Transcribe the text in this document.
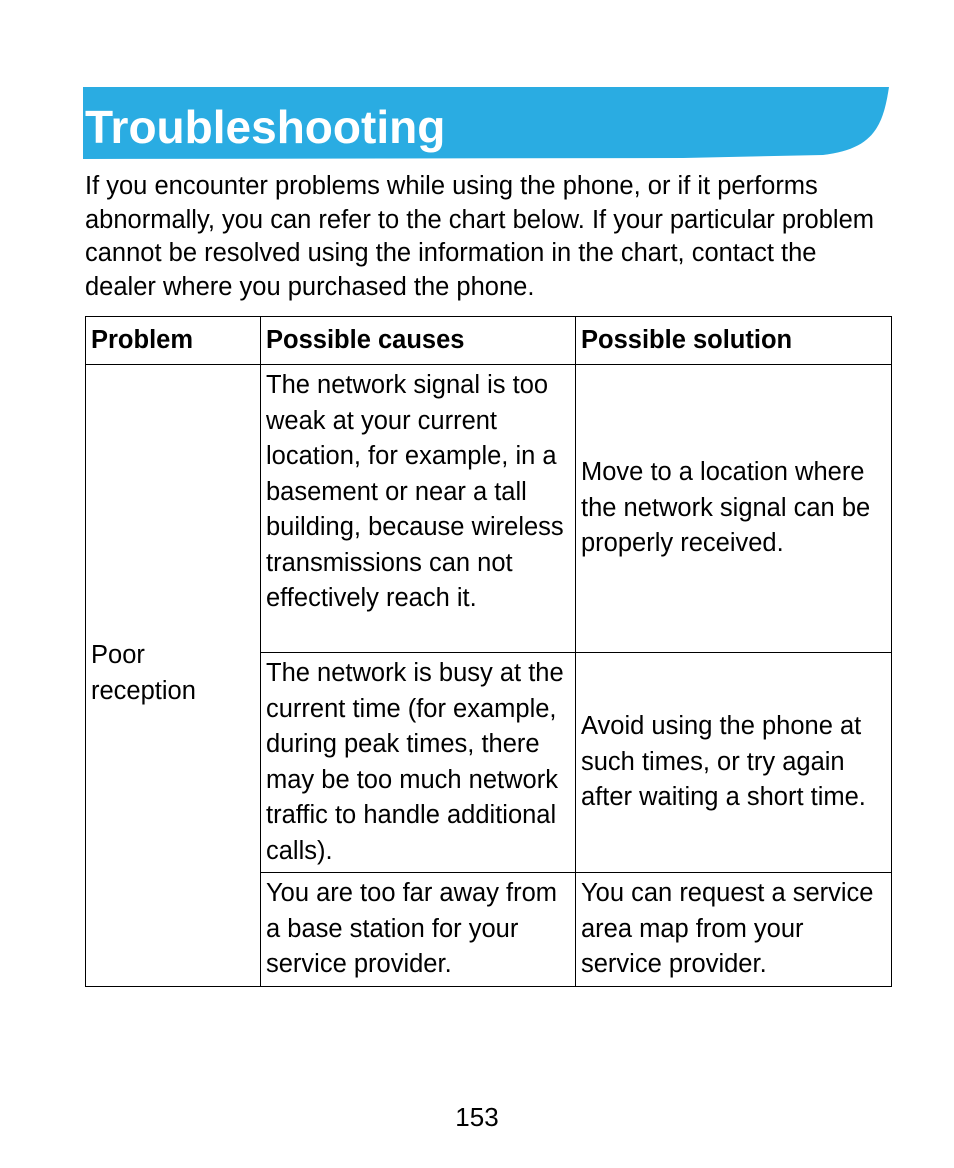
Troubleshooting

If you encounter problems while using the phone, or if it performs abnormally, you can refer to the chart below. If your particular problem cannot be resolved using the information in the chart, contact the dealer where you purchased the phone.

Problem	Possible causes	Possible solution
Poor reception	The network signal is too weak at your current location, for example, in a basement or near a tall building, because wireless transmissions can not effectively reach it.	Move to a location where the network signal can be properly received.
	The network is busy at the current time (for example, during peak times, there may be too much network traffic to handle additional calls).	Avoid using the phone at such times, or try again after waiting a short time.
	You are too far away from a base station for your service provider.	You can request a service area map from your service provider.
153
